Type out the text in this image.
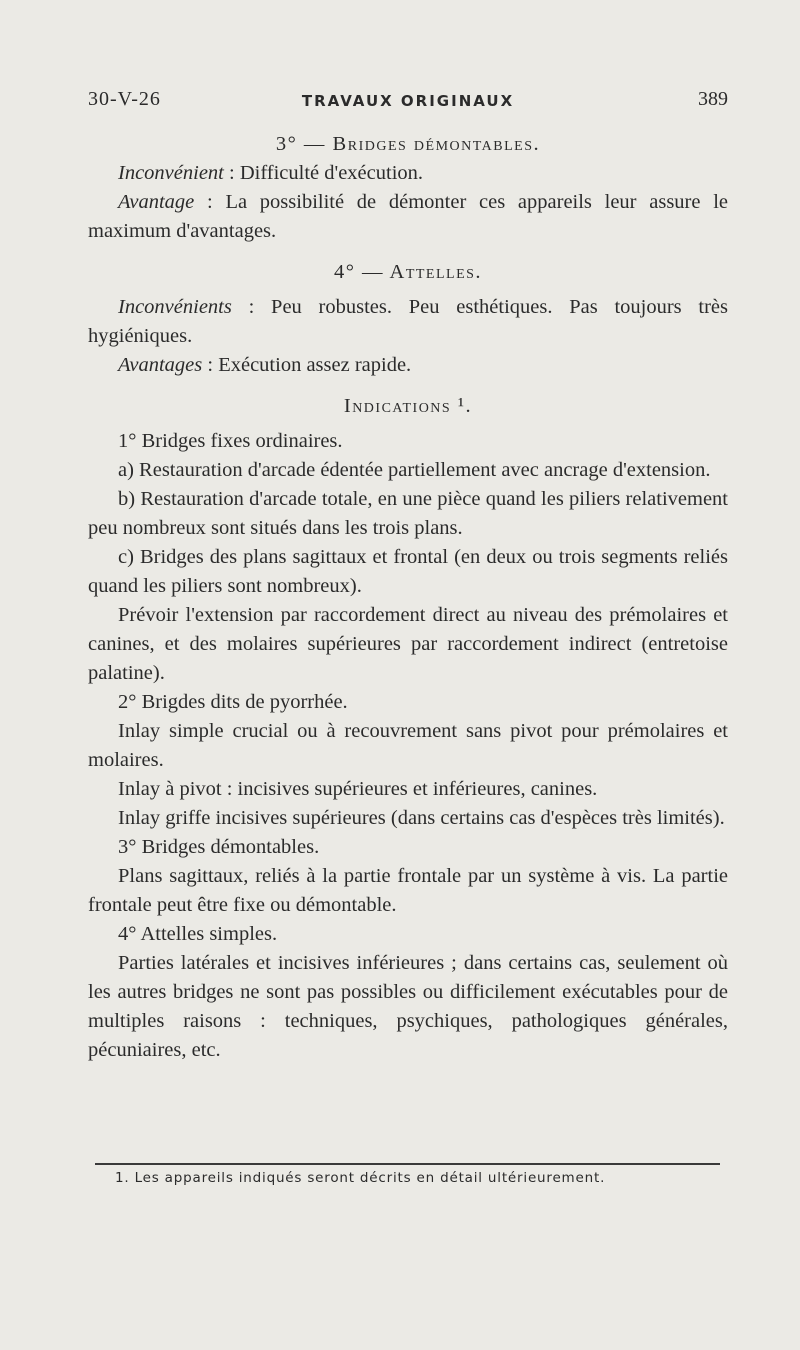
30-V-26	TRAVAUX ORIGINAUX	389
3° — Bridges démontables.

Inconvénient : Difficulté d'exécution.

Avantage : La possibilité de démonter ces appareils leur assure le maximum d'avantages.

4° — Attelles.

Inconvénients : Peu robustes. Peu esthétiques. Pas toujours très hygiéniques.

Avantages : Exécution assez rapide.

Indications ¹.

1° Bridges fixes ordinaires.

a) Restauration d'arcade édentée partiellement avec ancrage d'extension.

b) Restauration d'arcade totale, en une pièce quand les piliers relativement peu nombreux sont situés dans les trois plans.

c) Bridges des plans sagittaux et frontal (en deux ou trois segments reliés quand les piliers sont nombreux).

Prévoir l'extension par raccordement direct au niveau des prémolaires et canines, et des molaires supérieures par raccordement indirect (entretoise palatine).

2° Brigdes dits de pyorrhée.

Inlay simple crucial ou à recouvrement sans pivot pour prémolaires et molaires.

Inlay à pivot : incisives supérieures et inférieures, canines.

Inlay griffe incisives supérieures (dans certains cas d'espèces très limités).

3° Bridges démontables.

Plans sagittaux, reliés à la partie frontale par un système à vis. La partie frontale peut être fixe ou démontable.

4° Attelles simples.

Parties latérales et incisives inférieures ; dans certains cas, seulement où les autres bridges ne sont pas possibles ou difficilement exécutables pour de multiples raisons : techniques, psychiques, pathologiques générales, pécuniaires, etc.

1. Les appareils indiqués seront décrits en détail ultérieurement.
